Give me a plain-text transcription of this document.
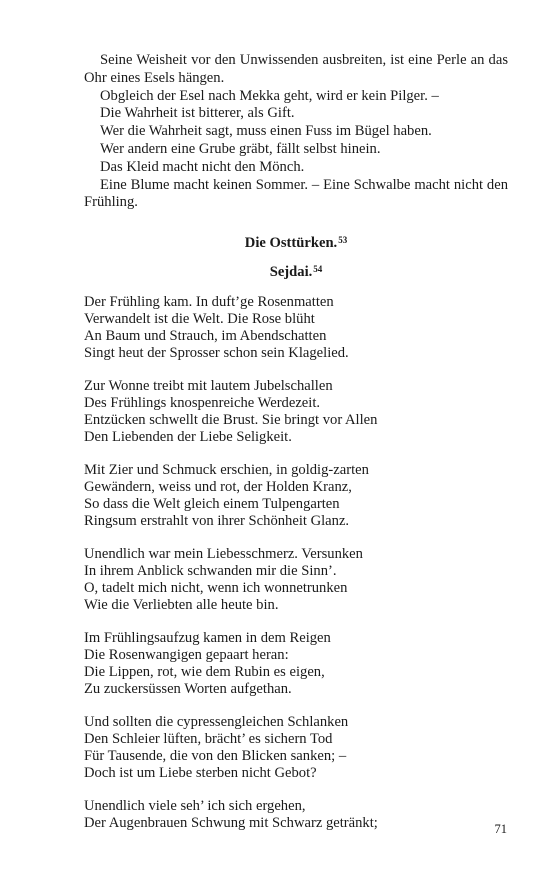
Seine Weisheit vor den Unwissenden ausbreiten, ist eine Perle an das Ohr eines Esels hängen.

Obgleich der Esel nach Mekka geht, wird er kein Pilger. –

Die Wahrheit ist bitterer, als Gift.

Wer die Wahrheit sagt, muss einen Fuss im Bügel haben.

Wer andern eine Grube gräbt, fällt selbst hinein.

Das Kleid macht nicht den Mönch.

Eine Blume macht keinen Sommer. – Eine Schwalbe macht nicht den Frühling.

Die Osttürken.$^{53}$

Sejdai.$^{54}$

Der Frühling kam. In duft’ge Rosenmatten

Verwandelt ist die Welt. Die Rose blüht

An Baum und Strauch, im Abendschatten

Singt heut der Sprosser schon sein Klagelied.

Zur Wonne treibt mit lautem Jubelschallen

Des Frühlings knospenreiche Werdezeit.

Entzücken schwellt die Brust. Sie bringt vor Allen

Den Liebenden der Liebe Seligkeit.

Mit Zier und Schmuck erschien, in goldig-zarten

Gewändern, weiss und rot, der Holden Kranz,

So dass die Welt gleich einem Tulpengarten

Ringsum erstrahlt von ihrer Schönheit Glanz.

Unendlich war mein Liebesschmerz. Versunken

In ihrem Anblick schwanden mir die Sinn’.

O, tadelt mich nicht, wenn ich wonnetrunken

Wie die Verliebten alle heute bin.

Im Frühlingsaufzug kamen in dem Reigen

Die Rosenwangigen gepaart heran:

Die Lippen, rot, wie dem Rubin es eigen,

Zu zuckersüssen Worten aufgethan.

Und sollten die cypressengleichen Schlanken

Den Schleier lüften, brächt’ es sichern Tod

Für Tausende, die von den Blicken sanken; –

Doch ist um Liebe sterben nicht Gebot?

Unendlich viele seh’ ich sich ergehen,

Der Augenbrauen Schwung mit Schwarz getränkt;	71
